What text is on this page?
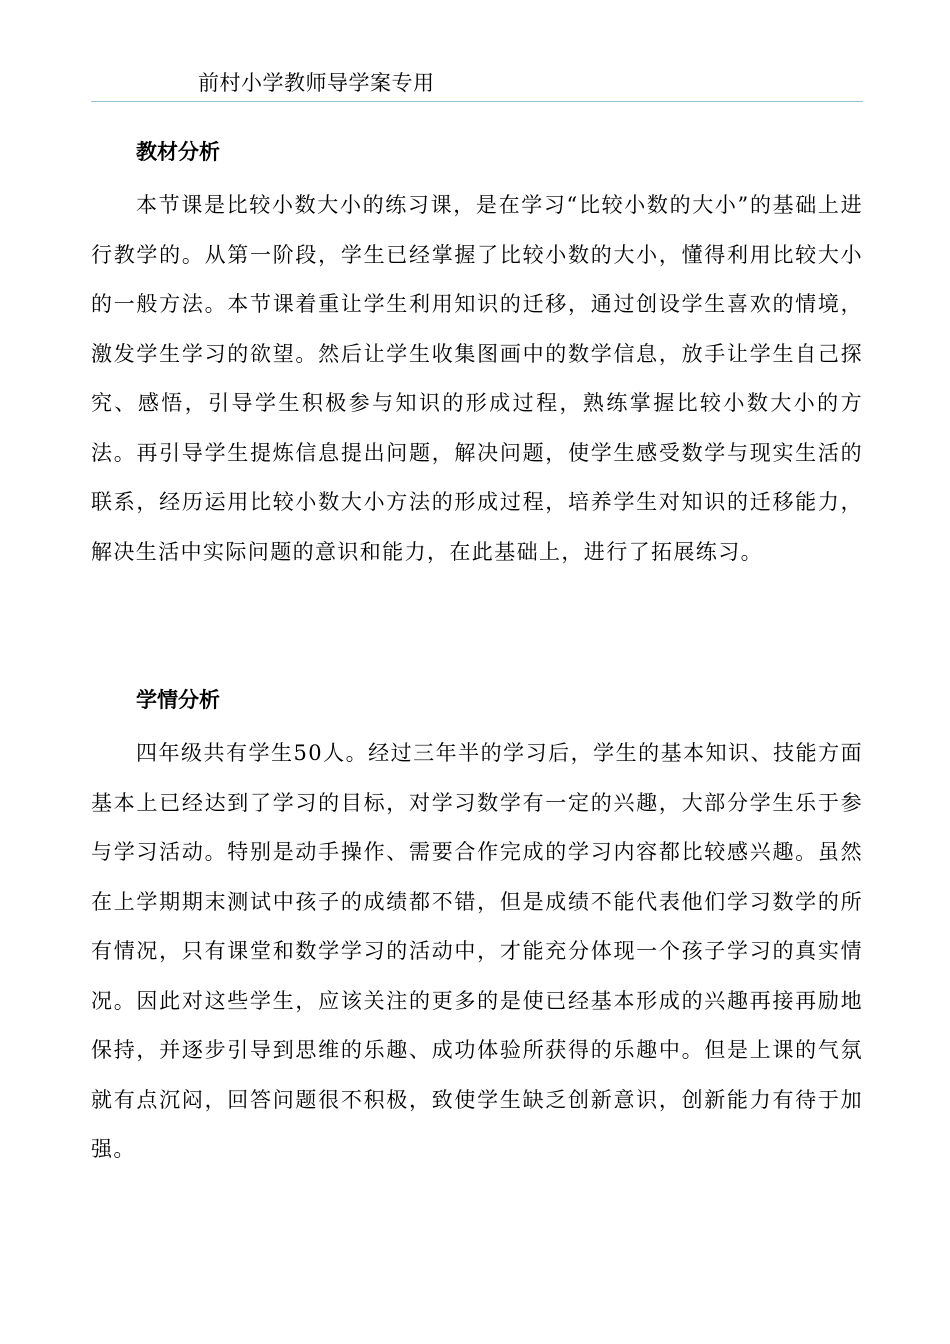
前村小学教师导学案专用
教材分析

本节课是比较小数大小的练习课，是在学习“比较小数的大小”的基础上进行教学的。从第一阶段，学生已经掌握了比较小数的大小，懂得利用比较大小的一般方法。本节课着重让学生利用知识的迁移，通过创设学生喜欢的情境，激发学生学习的欲望。然后让学生收集图画中的数学信息，放手让学生自己探究、感悟，引导学生积极参与知识的形成过程，熟练掌握比较小数大小的方法。再引导学生提炼信息提出问题，解决问题，使学生感受数学与现实生活的联系，经历运用比较小数大小方法的形成过程，培养学生对知识的迁移能力，解决生活中实际问题的意识和能力，在此基础上，进行了拓展练习。

学情分析

四年级共有学生50人。经过三年半的学习后，学生的基本知识、技能方面基本上已经达到了学习的目标，对学习数学有一定的兴趣，大部分学生乐于参与学习活动。特别是动手操作、需要合作完成的学习内容都比较感兴趣。虽然在上学期期末测试中孩子的成绩都不错，但是成绩不能代表他们学习数学的所有情况，只有课堂和数学学习的活动中，才能充分体现一个孩子学习的真实情况。因此对这些学生，应该关注的更多的是使已经基本形成的兴趣再接再励地保持，并逐步引导到思维的乐趣、成功体验所获得的乐趣中。但是上课的气氛就有点沉闷，回答问题很不积极，致使学生缺乏创新意识，创新能力有待于加强。
